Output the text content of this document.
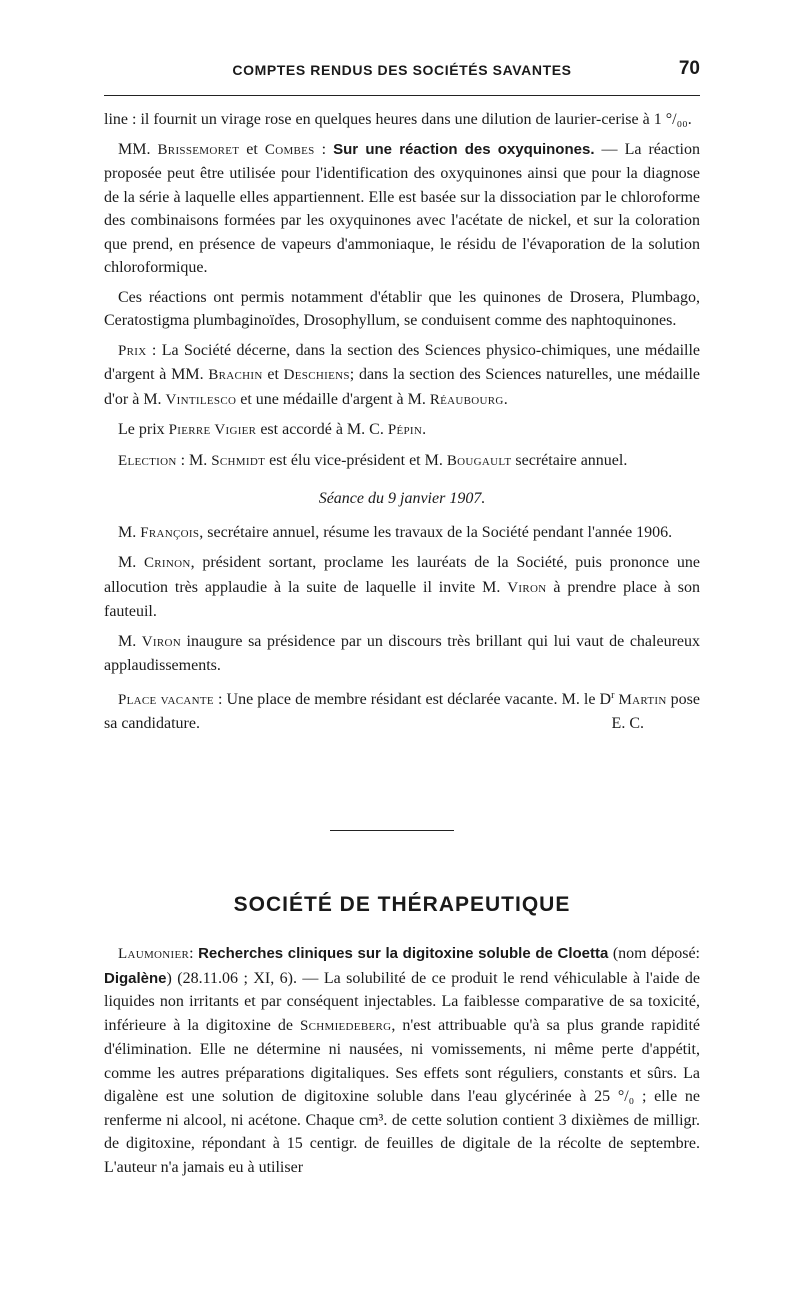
COMPTES RENDUS DES SOCIÉTÉS SAVANTES	70

line : il fournit un virage rose en quelques heures dans une dilution de laurier-cerise à 1 °/₀₀.

MM. Brissemoret et Combes : Sur une réaction des oxyquinones. — La réaction proposée peut être utilisée pour l'identification des oxyquinones ainsi que pour la diagnose de la série à laquelle elles appartiennent. Elle est basée sur la dissociation par le chloroforme des combinaisons formées par les oxyquinones avec l'acétate de nickel, et sur la coloration que prend, en présence de vapeurs d'ammoniaque, le résidu de l'évaporation de la solution chloroformique.

Ces réactions ont permis notamment d'établir que les quinones de Drosera, Plumbago, Ceratostigma plumbaginoïdes, Drosophyllum, se conduisent comme des naphtoquinones.

Prix : La Société décerne, dans la section des Sciences physico-chimiques, une médaille d'argent à MM. Brachin et Deschiens; dans la section des Sciences naturelles, une médaille d'or à M. Vintilesco et une médaille d'argent à M. Réaubourg.

Le prix Pierre Vigier est accordé à M. C. Pépin.

Election : M. Schmidt est élu vice-président et M. Bougault secrétaire annuel.

Séance du 9 janvier 1907.

M. François, secrétaire annuel, résume les travaux de la Société pendant l'année 1906.

M. Crinon, président sortant, proclame les lauréats de la Société, puis prononce une allocution très applaudie à la suite de laquelle il invite M. Viron à prendre place à son fauteuil.

M. Viron inaugure sa présidence par un discours très brillant qui lui vaut de chaleureux applaudissements.

Place vacante : Une place de membre résidant est déclarée vacante. M. le $D^r$ Martin pose sa candidature.	E. C.

SOCIÉTÉ DE THÉRAPEUTIQUE

Laumonier: Recherches cliniques sur la digitoxine soluble de Cloetta (nom déposé: Digalène) (28.11.06 ; XI, 6). — La solubilité de ce produit le rend véhiculable à l'aide de liquides non irritants et par conséquent injectables. La faiblesse comparative de sa toxicité, inférieure à la digitoxine de Schmiedeberg, n'est attribuable qu'à sa plus grande rapidité d'élimination. Elle ne détermine ni nausées, ni vomissements, ni même perte d'appétit, comme les autres préparations digitaliques. Ses effets sont réguliers, constants et sûrs. La digalène est une solution de digitoxine soluble dans l'eau glycérinée à 25 °/₀ ; elle ne renferme ni alcool, ni acétone. Chaque cm³. de cette solution contient 3 dixièmes de milligr. de digitoxine, répondant à 15 centigr. de feuilles de digitale de la récolte de septembre. L'auteur n'a jamais eu à utiliser
